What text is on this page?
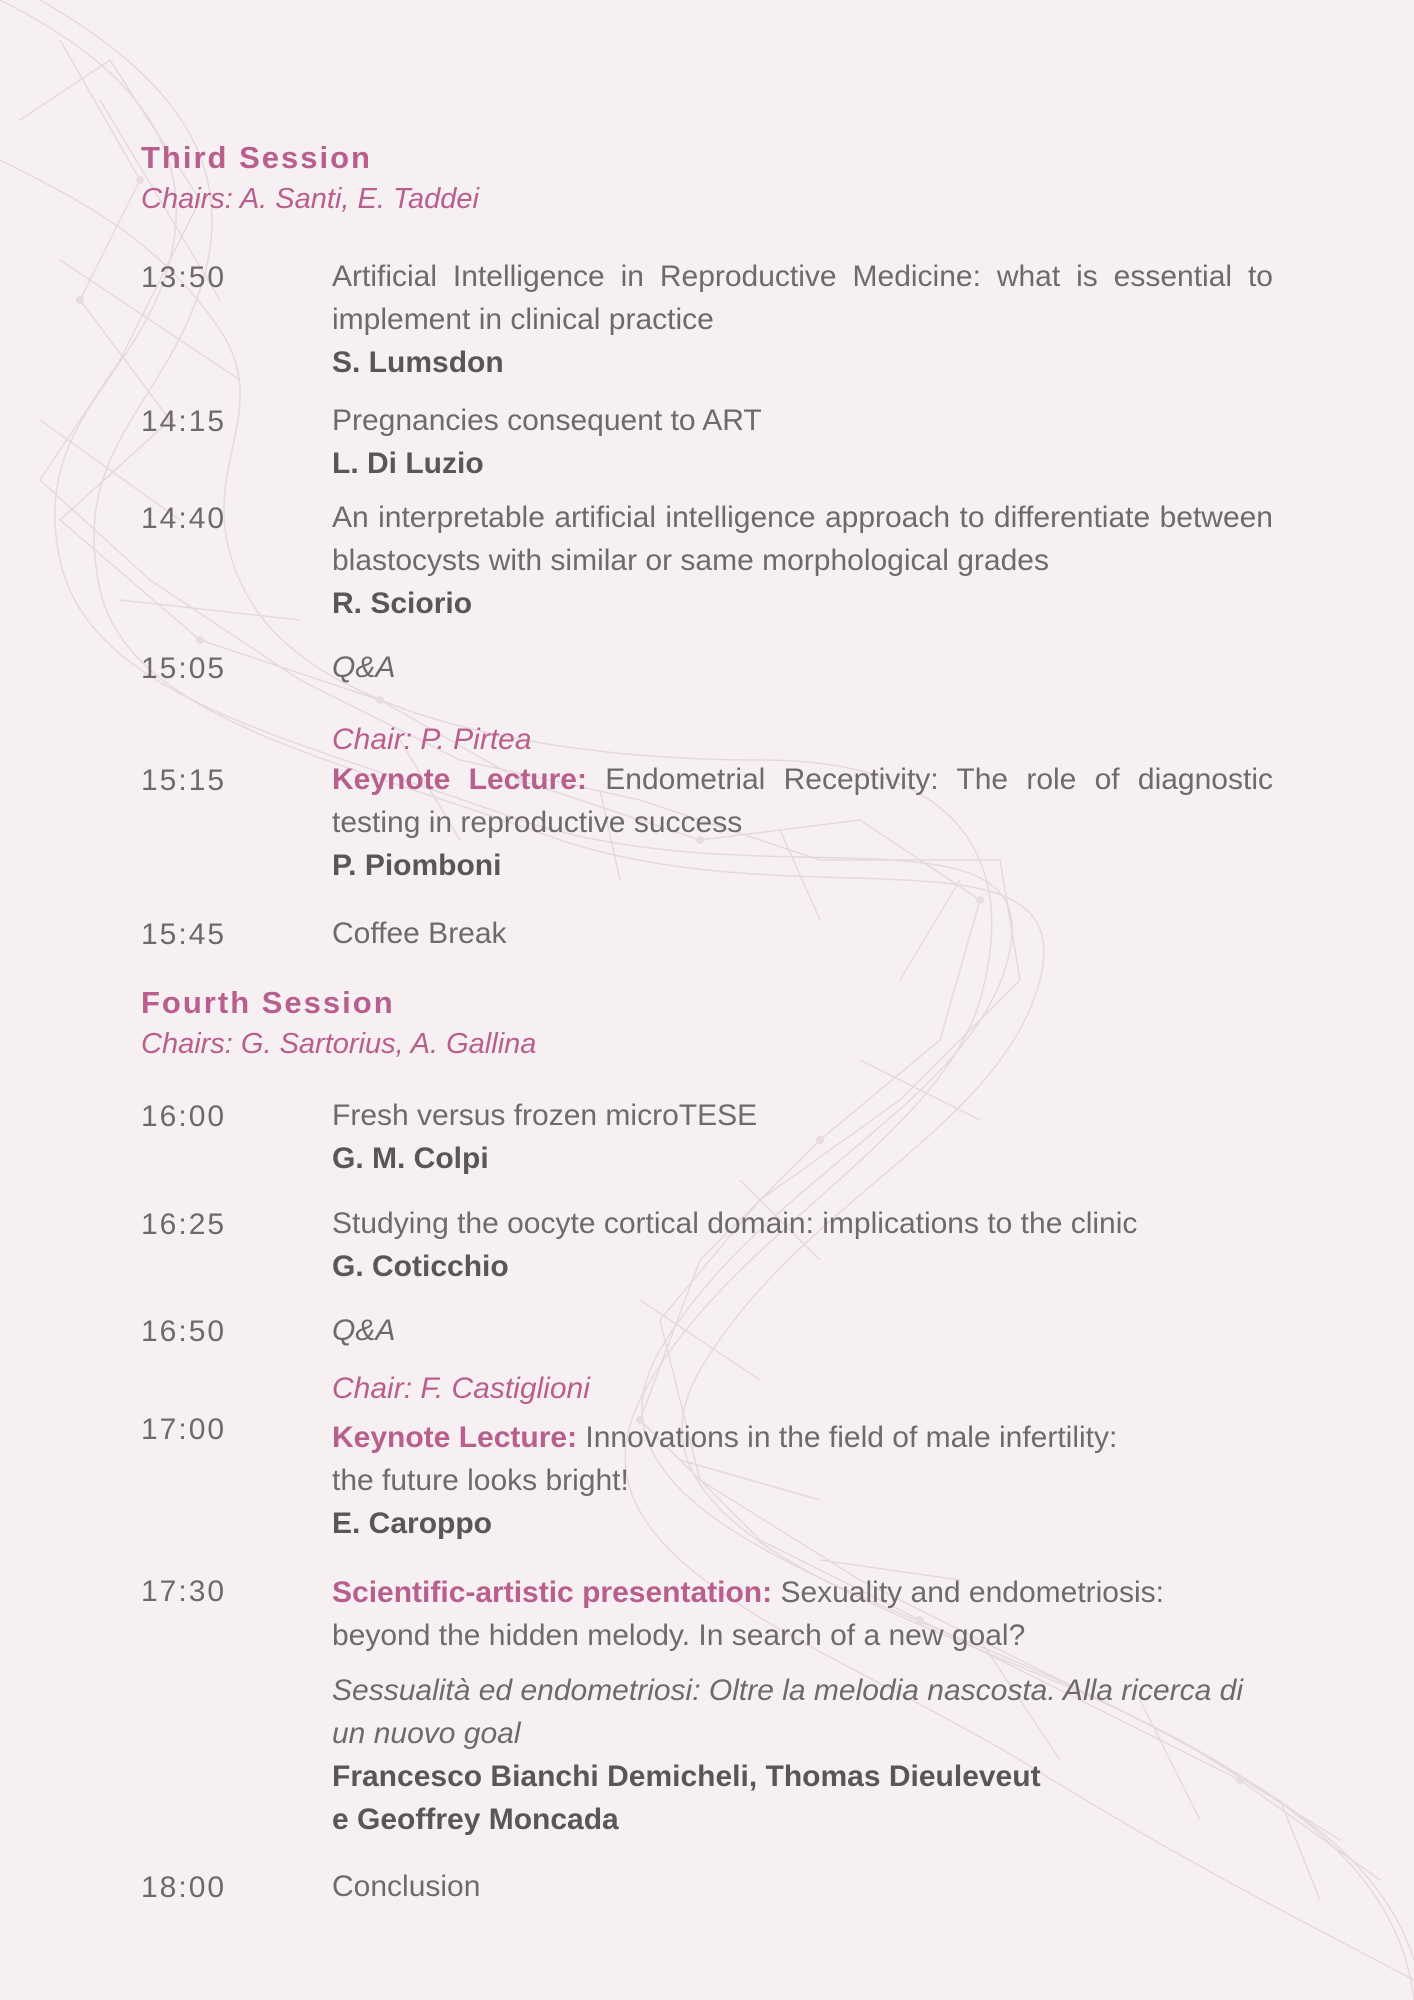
Third Session
Chairs: A. Santi, E. Taddei
13:50	Artificial Intelligence in Reproductive Medicine: what is essential to implement in clinical practice
S. Lumsdon
14:15	Pregnancies consequent to ART
L. Di Luzio
14:40	An interpretable artificial intelligence approach to differentiate between blastocysts with similar or same morphological grades
R. Sciorio
15:05	Q&A
Chair: P. Pirtea
15:15	Keynote Lecture: Endometrial Receptivity: The role of diagnostic testing in reproductive success
P. Piomboni
15:45	Coffee Break
Fourth Session
Chairs: G. Sartorius, A. Gallina
16:00	Fresh versus frozen microTESE
G. M. Colpi
16:25	Studying the oocyte cortical domain: implications to the clinic
G. Coticchio
16:50	Q&A
Chair: F. Castiglioni
17:00	Keynote Lecture: Innovations in the field of male infertility:
the future looks bright!
E. Caroppo
17:30	Scientific-artistic presentation: Sexuality and endometriosis:
beyond the hidden melody. In search of a new goal?
Sessualità ed endometriosi: Oltre la melodia nascosta. Alla ricerca di un nuovo goal
Francesco Bianchi Demicheli, Thomas Dieuleveut
e Geoffrey Moncada
18:00	Conclusion
